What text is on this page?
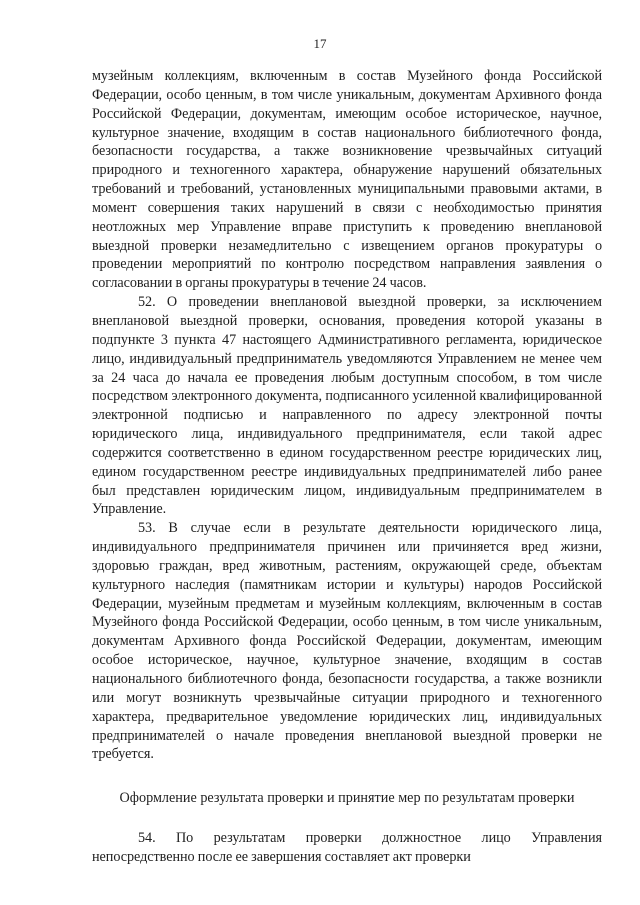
17

музейным коллекциям, включенным в состав Музейного фонда Российской Федерации, особо ценным, в том числе уникальным, документам Архивного фонда Российской Федерации, документам, имеющим особое историческое, научное, культурное значение, входящим в состав национального библиотечного фонда, безопасности государства, а также возникновение чрезвычайных ситуаций природного и техногенного характера, обнаружение нарушений обязательных требований и требований, установленных муниципальными правовыми актами, в момент совершения таких нарушений в связи с необходимостью принятия неотложных мер Управление вправе приступить к проведению внеплановой выездной проверки незамедлительно с извещением органов прокуратуры о проведении мероприятий по контролю посредством направления заявления о согласовании в органы прокуратуры в течение 24 часов.

52. О проведении внеплановой выездной проверки, за исключением внеплановой выездной проверки, основания, проведения которой указаны в подпункте 3 пункта 47 настоящего Административного регламента, юридическое лицо, индивидуальный предприниматель уведомляются Управлением не менее чем за 24 часа до начала ее проведения любым доступным способом, в том числе посредством электронного документа, подписанного усиленной квалифицированной электронной подписью и направленного по адресу электронной почты юридического лица, индивидуального предпринимателя, если такой адрес содержится соответственно в едином государственном реестре юридических лиц, едином государственном реестре индивидуальных предпринимателей либо ранее был представлен юридическим лицом, индивидуальным предпринимателем в Управление.

53. В случае если в результате деятельности юридического лица, индивидуального предпринимателя причинен или причиняется вред жизни, здоровью граждан, вред животным, растениям, окружающей среде, объектам культурного наследия (памятникам истории и культуры) народов Российской Федерации, музейным предметам и музейным коллекциям, включенным в состав Музейного фонда Российской Федерации, особо ценным, в том числе уникальным, документам Архивного фонда Российской Федерации, документам, имеющим особое историческое, научное, культурное значение, входящим в состав национального библиотечного фонда, безопасности государства, а также возникли или могут возникнуть чрезвычайные ситуации природного и техногенного характера, предварительное уведомление юридических лиц, индивидуальных предпринимателей о начале проведения внеплановой выездной проверки не требуется.

Оформление результата проверки и принятие мер по результатам проверки

54. По результатам проверки должностное лицо Управления непосредственно после ее завершения составляет акт проверки
